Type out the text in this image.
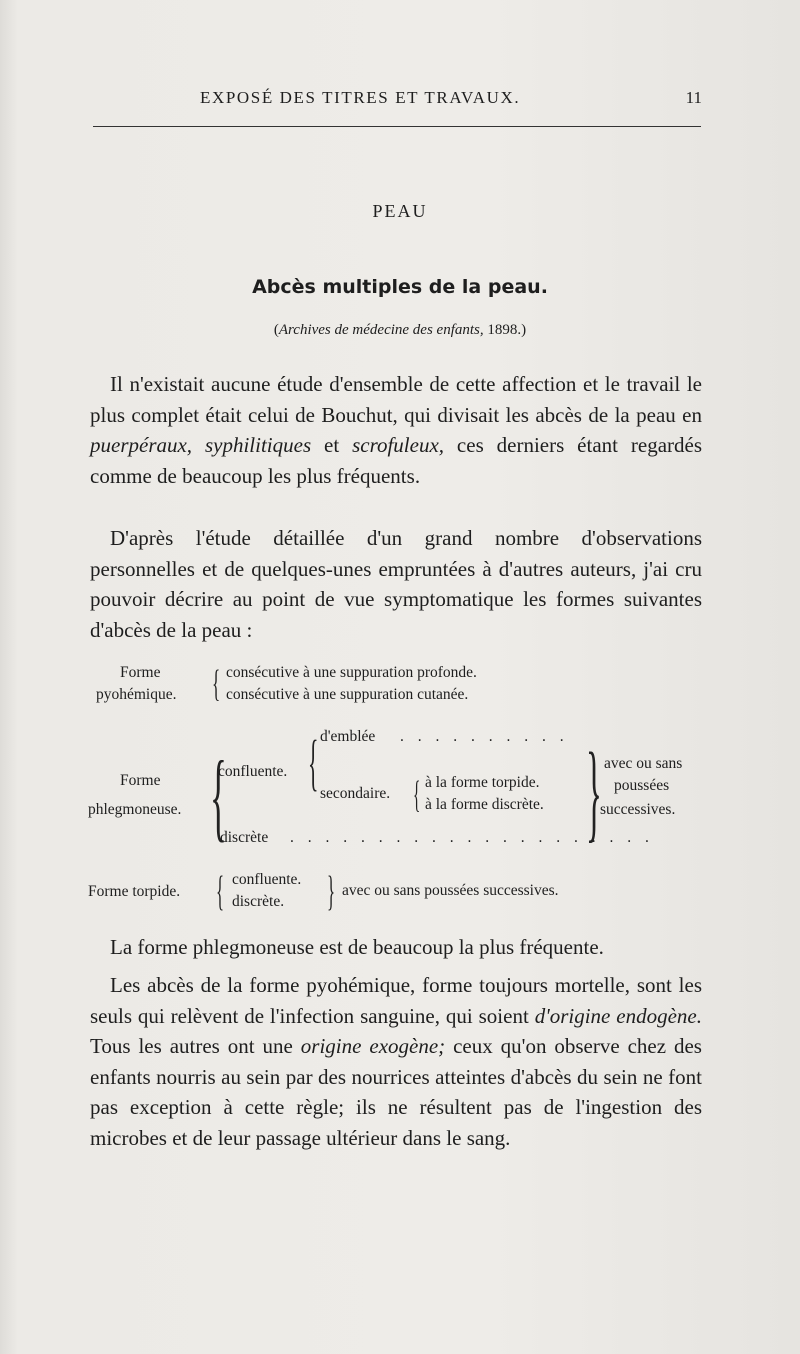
EXPOSÉ DES TITRES ET TRAVAUX.	11
PEAU
Abcès multiples de la peau.
(Archives de médecine des enfants, 1898.)
Il n'existait aucune étude d'ensemble de cette affection et le travail le plus complet était celui de Bouchut, qui divisait les abcès de la peau en puerpéraux, syphilitiques et scrofuleux, ces derniers étant regardés comme de beaucoup les plus fréquents.
D'après l'étude détaillée d'un grand nombre d'observations personnelles et de quelques-unes empruntées à d'autres auteurs, j'ai cru pouvoir décrire au point de vue symptomatique les formes suivantes d'abcès de la peau :
Forme
pyohémique. { consécutive à une suppuration profonde.
consécutive à une suppuration cutanée.
Forme
phlegmoneuse. {
confluente. { d'emblée . . . . . . . . . .
secondaire. { à la forme torpide.
à la forme discrète. } avec ou sans
poussées
successives.
discrète . . . . . . . . . . . . . . . . . . . . .
Forme torpide. { confluente.
discrète. } avec ou sans poussées successives.
La forme phlegmoneuse est de beaucoup la plus fréquente.
Les abcès de la forme pyohémique, forme toujours mortelle, sont les seuls qui relèvent de l'infection sanguine, qui soient d'origine endogène. Tous les autres ont une origine exogène; ceux qu'on observe chez des enfants nourris au sein par des nourrices atteintes d'abcès du sein ne font pas exception à cette règle; ils ne résultent pas de l'ingestion des microbes et de leur passage ultérieur dans le sang.
